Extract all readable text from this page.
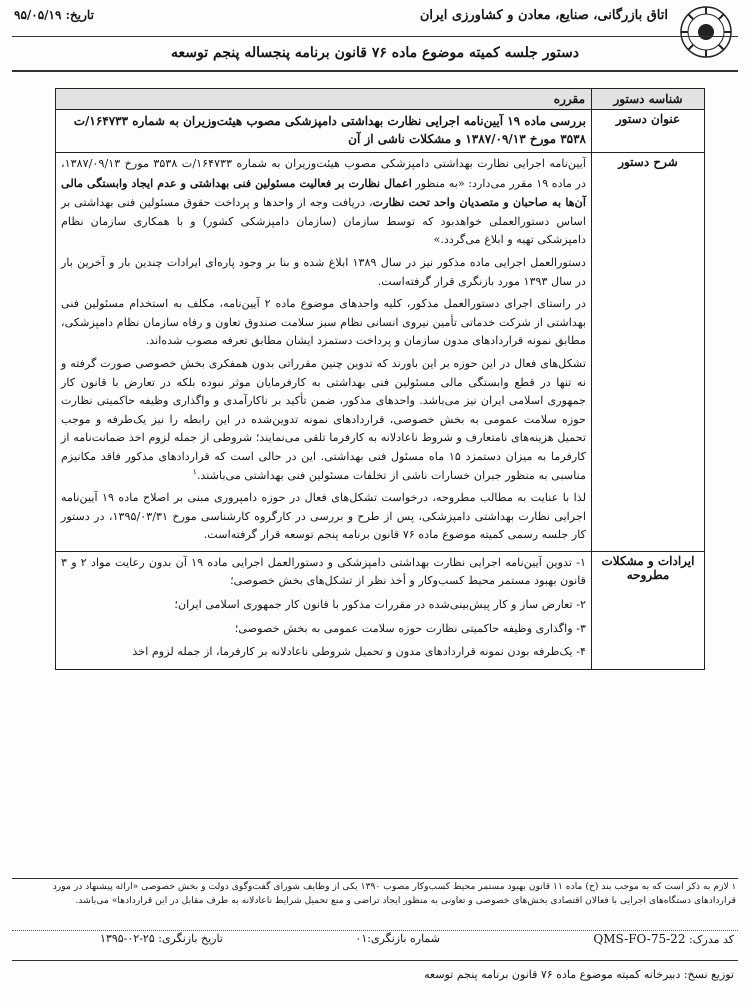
اتاق بازرگانی، صنایع، معادن و کشاورزی ایران
تاریخ: ۹۵/۰۵/۱۹
دستور جلسه کمیته موضوع ماده ۷۶ قانون برنامه پنجساله پنجم توسعه
شناسه دستور	مقرره
عنوان دستور	بررسی ماده ۱۹ آیین‌نامه اجرایی نظارت بهداشتی دامپزشکی مصوب هیئت‌وزیران به شماره ۱۶۴۷۳۳/ت ۳۵۳۸ مورخ ۱۳۸۷/۰۹/۱۳ و مشکلات ناشی از آن
شرح دستور	آیین‌نامه اجرایی نظارت بهداشتی دامپزشکی مصوب هیئت‌وزیران به شماره ۱۶۴۷۳۳/ت ۳۵۳۸ مورخ ۱۳۸۷/۰۹/۱۳، در ماده ۱۹ مقرر می‌دارد: «به منظور اعمال نظارت بر فعالیت مسئولین فنی بهداشتی و عدم ایجاد وابستگی مالی آن‌ها به صاحبان و متصدیان واحد تحت نظارت، دریافت وجه از واحدها و پرداخت حقوق مسئولین فنی بهداشتی بر اساس دستورالعملی خواهدبود که توسط سازمان (سازمان دامپزشکی کشور) و با همکاری سازمان نظام دامپزشکی تهیه و ابلاغ می‌گردد.»

دستورالعمل اجرایی ماده مذکور نیز در سال ۱۳۸۹ ابلاغ شده و بنا بر وجود پاره‌ای ایرادات چندین بار و آخرین بار در سال ۱۳۹۳ مورد بازنگری قرار گرفته‌است.

در راستای اجرای دستورالعمل مذکور، کلیه واحدهای موضوع ماده ۲ آیین‌نامه، مکلف به استخدام مسئولین فنی بهداشتی از شرکت خدماتی تأمین نیروی انسانی نظام سبز سلامت صندوق تعاون و رفاه سازمان نظام دامپزشکی، مطابق نمونه قراردادهای مدون سازمان و پرداخت دستمزد ایشان مطابق تعرفه مصوب شده‌اند.

تشکل‌های فعال در این حوزه بر این باورند که تدوین چنین مقرراتی بدون همفکری بخش خصوصی صورت گرفته و نه تنها در قطع وابستگی مالی مسئولین فنی بهداشتی به کارفرمایان موثر نبوده بلکه در تعارض با قانون کار جمهوری اسلامی ایران نیز می‌باشد. واحدهای مذکور، ضمن تأکید بر ناکارآمدی و واگذاری وظیفه حاکمیتی نظارت حوزه سلامت عمومی به بخش خصوصی، قراردادهای نمونه تدوین‌شده در این رابطه را نیز یک‌طرفه و موجب تحمیل هزینه‌های نامتعارف و شروط ناعادلانه به کارفرما تلقی می‌نمایند؛ شروطی از جمله لزوم اخذ ضمانت‌نامه از کارفرما به میزان دستمزد ۱۵ ماه مسئول فنی بهداشتی. این در حالی است که قراردادهای مذکور فاقد مکانیزم مناسبی به منظور جبران خسارات ناشی از تخلفات مسئولین فنی بهداشتی می‌باشند.$^۱$

لذا با عنایت به مطالب مطروحه، درخواست تشکل‌های فعال در حوزه دامپروری مبنی بر اصلاح ماده ۱۹ آیین‌نامه اجرایی نظارت بهداشتی دامپزشکی، پس از طرح و بررسی در کارگروه کارشناسی مورخ ۱۳۹۵/۰۳/۳۱، در دستور کار جلسه رسمی کمیته موضوع ماده ۷۶ قانون برنامه پنجم توسعه قرار گرفته‌است.

ایرادات و مشکلات مطروحه	۱- تدوین آیین‌نامه اجرایی نظارت بهداشتی دامپزشکی و دستورالعمل اجرایی ماده ۱۹ آن بدون رعایت مواد ۲ و ۳ قانون بهبود مستمر محیط کسب‌وکار و أخذ نظر از تشکل‌های بخش خصوصی؛

۲- تعارض ساز و کار پیش‌بینی‌شده در مقررات مذکور با قانون کار جمهوری اسلامی ایران؛

۳- واگذاری وظیفه حاکمیتی نظارت حوزه سلامت عمومی به بخش خصوصی؛

۴- یک‌طرفه بودن نمونه قراردادهای مدون و تحمیل شروطی ناعادلانه بر کارفرما، از جمله لزوم اخذ

۱ لازم به ذکر است که به موجب بند (ح) ماده ۱۱ قانون بهبود مستمر محیط کسب‌وکار مصوب ۱۳۹۰ یکی از وظایف شورای گفت‌وگوی دولت و بخش خصوصی «ارائه پیشنهاد در مورد قراردادهای دستگاه‌های اجرایی با فعالان اقتصادی بخش‌های خصوصی و تعاونی به منظور ایجاد تراضی و منع تحمیل شرایط ناعادلانه به طرف مقابل در این قراردادها» می‌باشد.
کد مدرک: QMS-FO-75-22
شماره بازنگری:۰۱
تاریخ بازنگری: ۲۵-۰۲-۱۳۹۵
توزیع نسخ: دبیرخانه کمیته موضوع ماده ۷۶ قانون برنامه پنجم توسعه
